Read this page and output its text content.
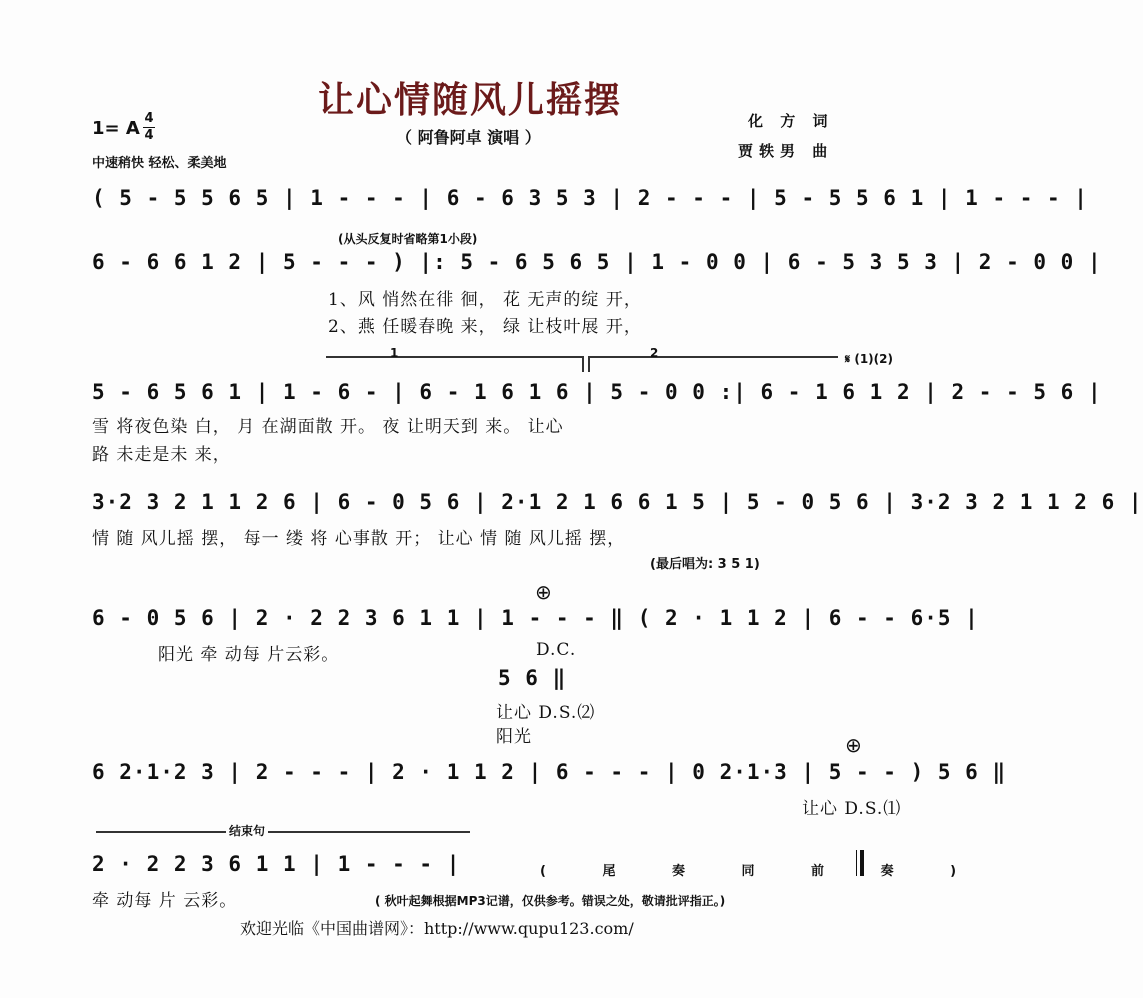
让心情随风儿摇摆
（ 阿鲁阿卓 演唱 ）
化 方 词
贾轶男 曲
1= A 4
4
中速稍快 轻松、柔美地
( 5 - 5 5 6 5 | 1 - - - | 6 - 6 3 5 3 | 2 - - - | 5 - 5 5 6 1 | 1 - - - |
(从头反复时省略第1小段)
6 - 6 6 1 2 | 5 - - - ) |: 5 - 6 5 6 5 | 1 - 0 0 | 6 - 5 3 5 3 | 2 - 0 0 |
1、风 悄然在徘 徊， 花 无声的绽 开，
2、燕 任暖春晚 来， 绿 让枝叶展 开，
1	2	𝄋 (1)(2)
5 - 6 5 6 1 | 1 - 6 - | 6 - 1 6 1 6 | 5 - 0 0 :| 6 - 1 6 1 2 | 2 - - 5 6 |
雪 将夜色染 白， 月 在湖面散 开。 夜 让明天到 来。 让心
路 未走是未 来，
3·2 3 2 1 1 2 6 | 6 - 0 5 6 | 2·1 2 1 6 6 1 5 | 5 - 0 5 6 | 3·2 3 2 1 1 2 6 |
情 随 风儿摇 摆， 每一 缕 将 心事散 开； 让心 情 随 风儿摇 摆，
(最后唱为: 3 5 1)
⊕
6 - 0 5 6 | 2 · 2 2 3 6 1 1 | 1 - - - ‖ ( 2 · 1 1 2 | 6 - - 6·5 |
阳光 牵 动每 片云彩。	D.C.
5 6 ‖
让心 D.S.⑵
阳光	⊕
6 2·1·2 3 | 2 - - - | 2 · 1 1 2 | 6 - - - | 0 2·1·3 | 5 - - ) 5 6 ‖
让心 D.S.⑴
结束句
2 · 2 2 3 6 1 1 | 1 - - - |	( 尾 奏 同 前 奏 )
牵 动每 片 云彩。	( 秋叶起舞根据MP3记谱，仅供参考。错误之处，敬请批评指正。)
欢迎光临《中国曲谱网》：http://www.qupu123.com/
